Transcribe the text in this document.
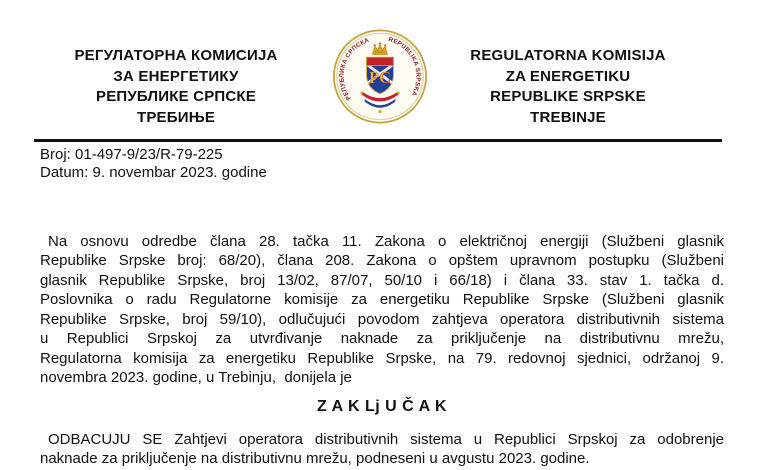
РЕГУЛАТОРНА КОМИСИЈА
ЗА ЕНЕРГЕТИКУ
РЕПУБЛИКЕ СРПСКЕ
ТРЕБИЊЕ
РЕПУБЛИКА СРПСКА	REPUBLIKA SRPSKA
РС
REGULATORNA KOMISIJA
ZA ENERGETIKU
REPUBLIKE SRPSKE
TREBINJE
Broj: 01-497-9/23/R-79-225
Datum: 9. novembar 2023. godine
Na osnovu odredbe člana 28. tačka 11. Zakona o električnoj energiji (Službeni glasnik
Republike Srpske broj: 68/20), člana 208. Zakona o opštem upravnom postupku (Službeni
glasnik Republike Srpske, broj 13/02, 87/07, 50/10 i 66/18) i člana 33. stav 1. tačka d.
Poslovnika o radu Regulatorne komisije za energetiku Republike Srpske (Službeni glasnik
Republike Srpske, broj 59/10), odlučujući povodom zahtjeva operatora distributivnih sistema
u Republici Srpskoj za utvrđivanje naknade za priključenje na distributivnu mrežu,
Regulatorna komisija za energetiku Republike Srpske, na 79. redovnoj sjednici, održanoj 9.
novembra 2023. godine, u Trebinju,  donijela je
Z A K Lj U Č A K
ODBACUJU SE Zahtjevi operatora distributivnih sistema u Republici Srpskoj za odobrenje
naknade za priključenje na distributivnu mrežu, podneseni u avgustu 2023. godine.
